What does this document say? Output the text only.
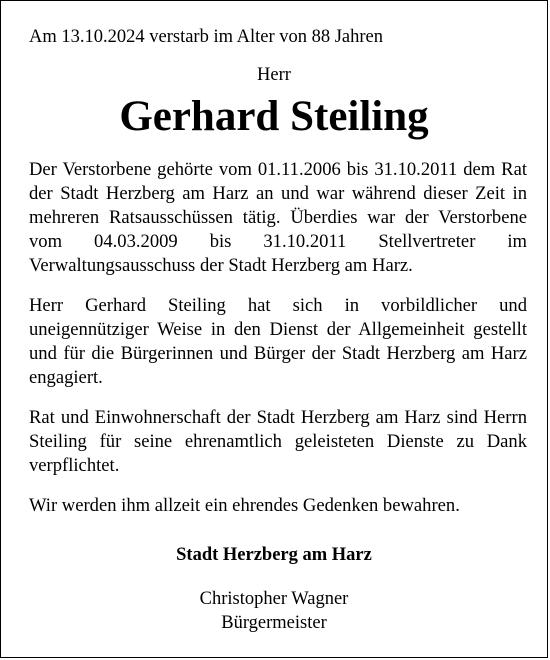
Am 13.10.2024 verstarb im Alter von 88 Jahren
Herr
Gerhard Steiling

Der Verstorbene gehörte vom 01.11.2006 bis 31.10.2011 dem Rat der Stadt Herzberg am Harz an und war während dieser Zeit in mehreren Ratsausschüssen tätig. Überdies war der Verstorbene vom 04.03.2009 bis 31.10.2011 Stellvertreter im Verwaltungsausschuss der Stadt Herzberg am Harz.

Herr Gerhard Steiling hat sich in vorbildlicher und uneigennütziger Weise in den Dienst der Allgemeinheit gestellt und für die Bürgerinnen und Bürger der Stadt Herzberg am Harz engagiert.

Rat und Einwohnerschaft der Stadt Herzberg am Harz sind Herrn Steiling für seine ehrenamtlich geleisteten Dienste zu Dank verpflichtet.

Wir werden ihm allzeit ein ehrendes Gedenken bewahren.

Stadt Herzberg am Harz
Christopher Wagner
Bürgermeister
